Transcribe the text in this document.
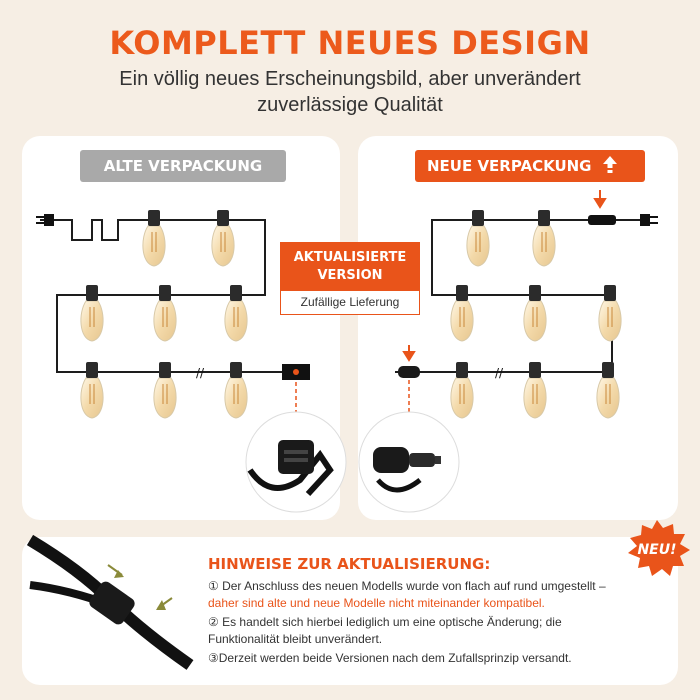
KOMPLETT NEUES DESIGN
Ein völlig neues Erscheinungsbild, aber unverändert
zuverlässige Qualität
ALTE VERPACKUNG	NEUE VERPACKUNG
//	//
AKTUALISIERTE
VERSION
Zufällige Lieferung
HINWEISE ZUR AKTUALISIERUNG:
① Der Anschluss des neuen Modells wurde von flach auf rund umgestellt –
daher sind alte und neue Modelle nicht miteinander kompatibel.
② Es handelt sich hierbei lediglich um eine optische Änderung; die
Funktionalität bleibt unverändert.
③Derzeit werden beide Versionen nach dem Zufallsprinzip versandt.
NEU!
